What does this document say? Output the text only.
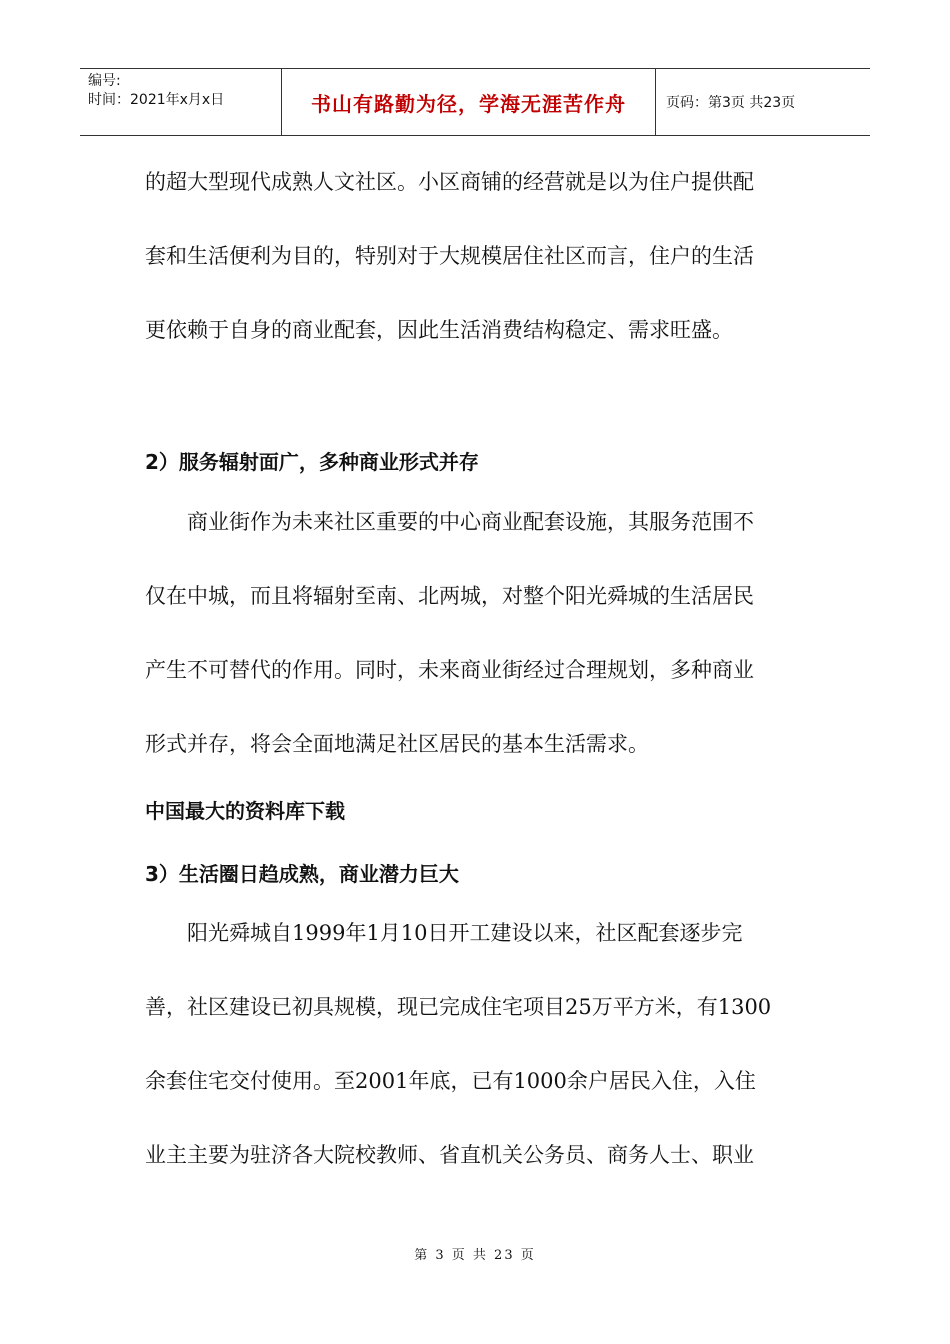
编号:
时间：2021年x月x日	书山有路勤为径，学海无涯苦作舟	页码：第3页 共23页

的超大型现代成熟人文社区。小区商铺的经营就是以为住户提供配

套和生活便利为目的，特别对于大规模居住社区而言，住户的生活

更依赖于自身的商业配套，因此生活消费结构稳定、需求旺盛。

2）服务辐射面广，多种商业形式并存

　　商业街作为未来社区重要的中心商业配套设施，其服务范围不

仅在中城，而且将辐射至南、北两城，对整个阳光舜城的生活居民

产生不可替代的作用。同时，未来商业街经过合理规划，多种商业

形式并存，将会全面地满足社区居民的基本生活需求。

中国最大的资料库下载
3）生活圈日趋成熟，商业潜力巨大

　　阳光舜城自1999年1月10日开工建设以来，社区配套逐步完

善，社区建设已初具规模，现已完成住宅项目25万平方米，有1300

余套住宅交付使用。至2001年底，已有1000余户居民入住，入住

业主主要为驻济各大院校教师、省直机关公务员、商务人士、职业

第 3 页 共 23 页
